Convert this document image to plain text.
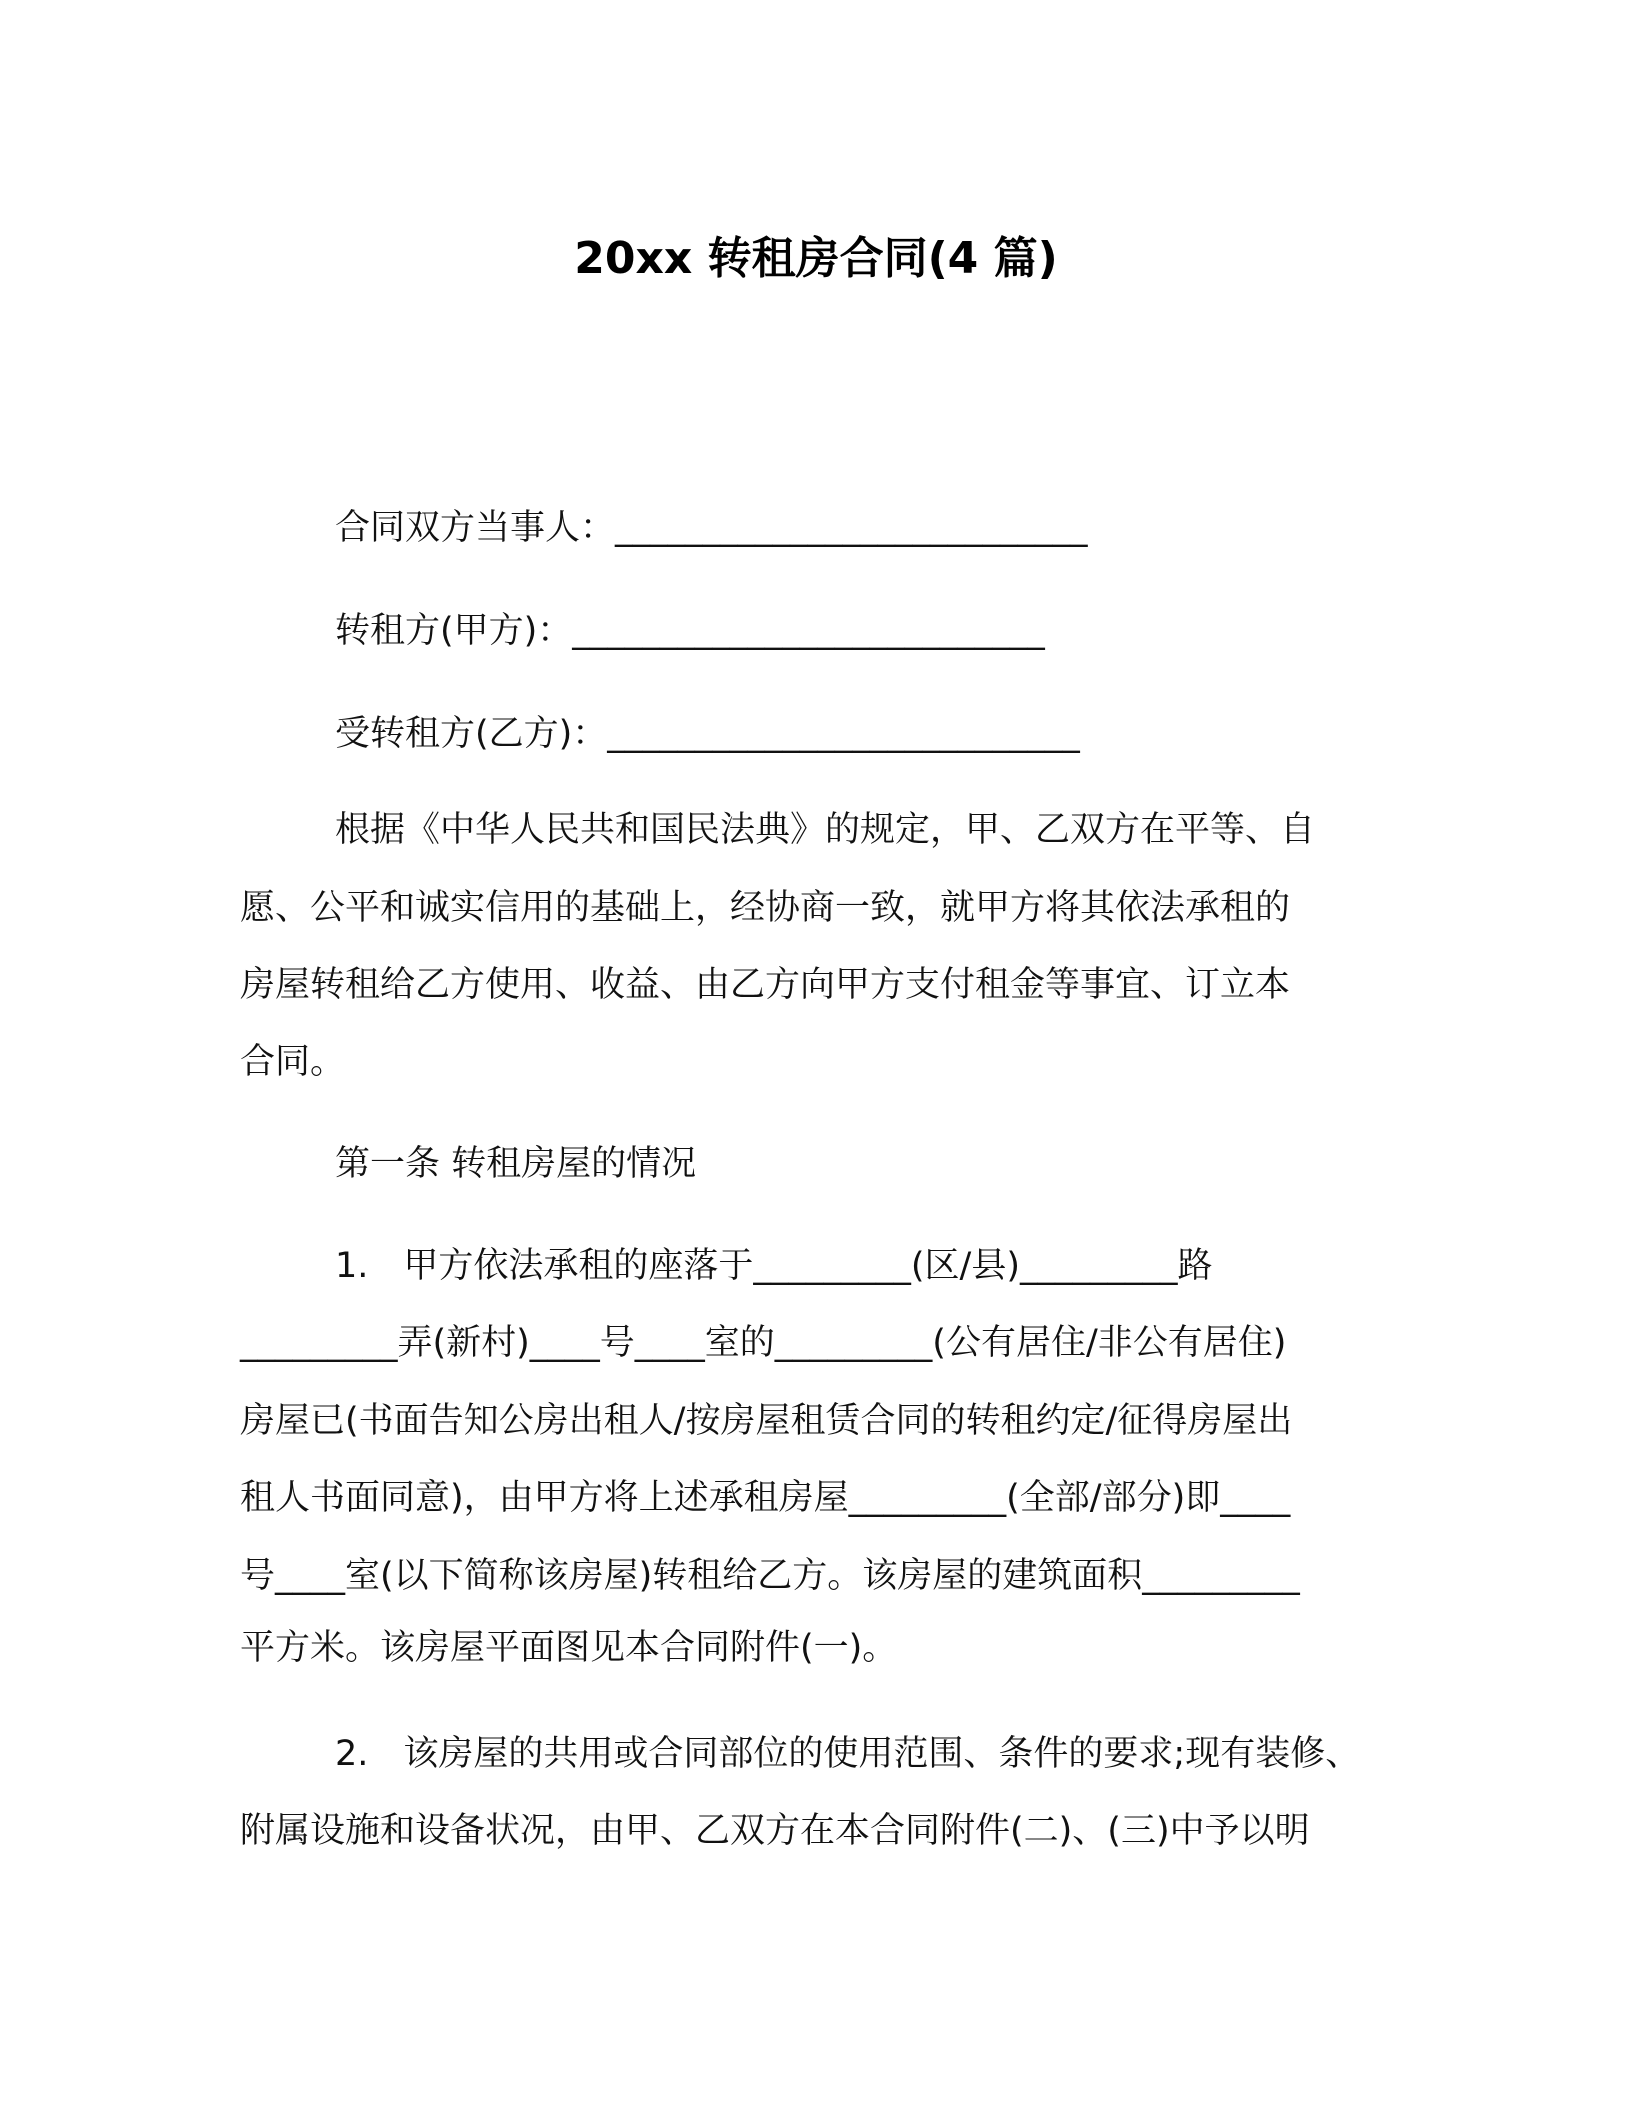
20xx 转租房合同(4 篇)
合同双方当事人：___________________________
转租方(甲方)：___________________________
受转租方(乙方)：___________________________
根据《中华人民共和国民法典》的规定，甲、乙双方在平等、自
愿、公平和诚实信用的基础上，经协商一致，就甲方将其依法承租的
房屋转租给乙方使用、收益、由乙方向甲方支付租金等事宜、订立本
合同。
第一条 转租房屋的情况
1.　甲方依法承租的座落于_________(区/县)_________路
_________弄(新村)____号____室的_________(公有居住/非公有居住)
房屋已(书面告知公房出租人/按房屋租赁合同的转租约定/征得房屋出
租人书面同意)，由甲方将上述承租房屋_________(全部/部分)即____
号____室(以下简称该房屋)转租给乙方。该房屋的建筑面积_________
平方米。该房屋平面图见本合同附件(一)。
2.　该房屋的共用或合同部位的使用范围、条件的要求;现有装修、
附属设施和设备状况，由甲、乙双方在本合同附件(二)、(三)中予以明
